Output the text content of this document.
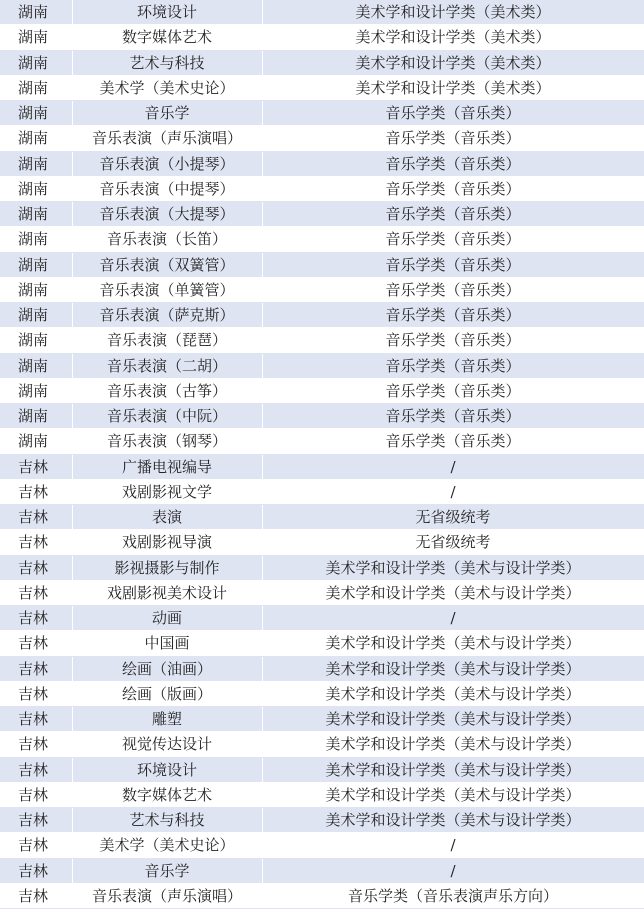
湖南	环境设计	美术学和设计学类（美术类）
湖南	数字媒体艺术	美术学和设计学类（美术类）
湖南	艺术与科技	美术学和设计学类（美术类）
湖南	美术学（美术史论）	美术学和设计学类（美术类）
湖南	音乐学	音乐学类（音乐类）
湖南	音乐表演（声乐演唱）	音乐学类（音乐类）
湖南	音乐表演（小提琴）	音乐学类（音乐类）
湖南	音乐表演（中提琴）	音乐学类（音乐类）
湖南	音乐表演（大提琴）	音乐学类（音乐类）
湖南	音乐表演（长笛）	音乐学类（音乐类）
湖南	音乐表演（双簧管）	音乐学类（音乐类）
湖南	音乐表演（单簧管）	音乐学类（音乐类）
湖南	音乐表演（萨克斯）	音乐学类（音乐类）
湖南	音乐表演（琵琶）	音乐学类（音乐类）
湖南	音乐表演（二胡）	音乐学类（音乐类）
湖南	音乐表演（古筝）	音乐学类（音乐类）
湖南	音乐表演（中阮）	音乐学类（音乐类）
湖南	音乐表演（钢琴）	音乐学类（音乐类）
吉林	广播电视编导	/
吉林	戏剧影视文学	/
吉林	表演	无省级统考
吉林	戏剧影视导演	无省级统考
吉林	影视摄影与制作	美术学和设计学类（美术与设计学类）
吉林	戏剧影视美术设计	美术学和设计学类（美术与设计学类）
吉林	动画	/
吉林	中国画	美术学和设计学类（美术与设计学类）
吉林	绘画（油画）	美术学和设计学类（美术与设计学类）
吉林	绘画（版画）	美术学和设计学类（美术与设计学类）
吉林	雕塑	美术学和设计学类（美术与设计学类）
吉林	视觉传达设计	美术学和设计学类（美术与设计学类）
吉林	环境设计	美术学和设计学类（美术与设计学类）
吉林	数字媒体艺术	美术学和设计学类（美术与设计学类）
吉林	艺术与科技	美术学和设计学类（美术与设计学类）
吉林	美术学（美术史论）	/
吉林	音乐学	/
吉林	音乐表演（声乐演唱）	音乐学类（音乐表演声乐方向）
